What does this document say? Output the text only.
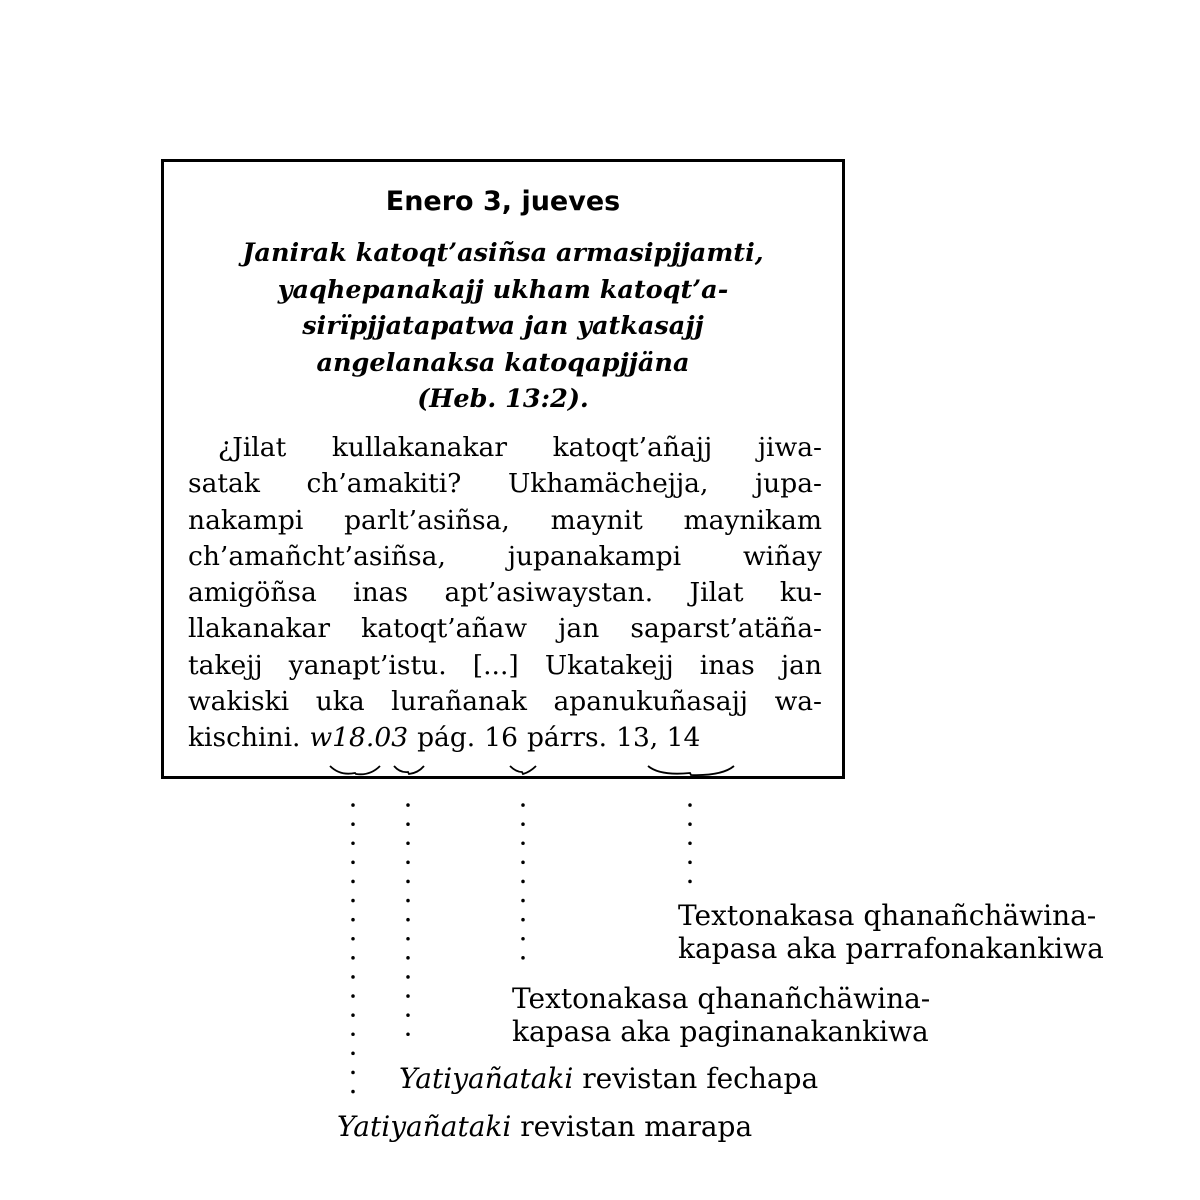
Enero 3, jueves
Janirak katoqt’asiñsa armasipjjamti,
yaqhepanakajj ukham katoqt’a-
sirïpjjatapatwa jan yatkasajj
angelanaksa katoqapjjäna
(Heb. 13:2).
¿Jilat kullakanakar katoqt’añajj jiwa-
satak ch’amakiti? Ukhamächejja, jupa-
nakampi parlt’asiñsa, maynit maynikam
ch’amañcht’asiñsa, jupanakampi wiñay
amigöñsa inas apt’asiwaystan. Jilat ku-
llakanakar katoqt’añaw jan saparst’atäña-
takejj yanapt’istu. [...] Ukatakejj inas jan
wakiski uka lurañanak apanukuñasajj wa-
kischini. w18.03 pág. 16 párrs. 13, 14
Textonakasa qhanañchäwina-
kapasa aka parrafonakankiwa
Textonakasa qhanañchäwina-
kapasa aka paginanakankiwa
Yatiyañataki revistan fechapa
Yatiyañataki revistan marapa
